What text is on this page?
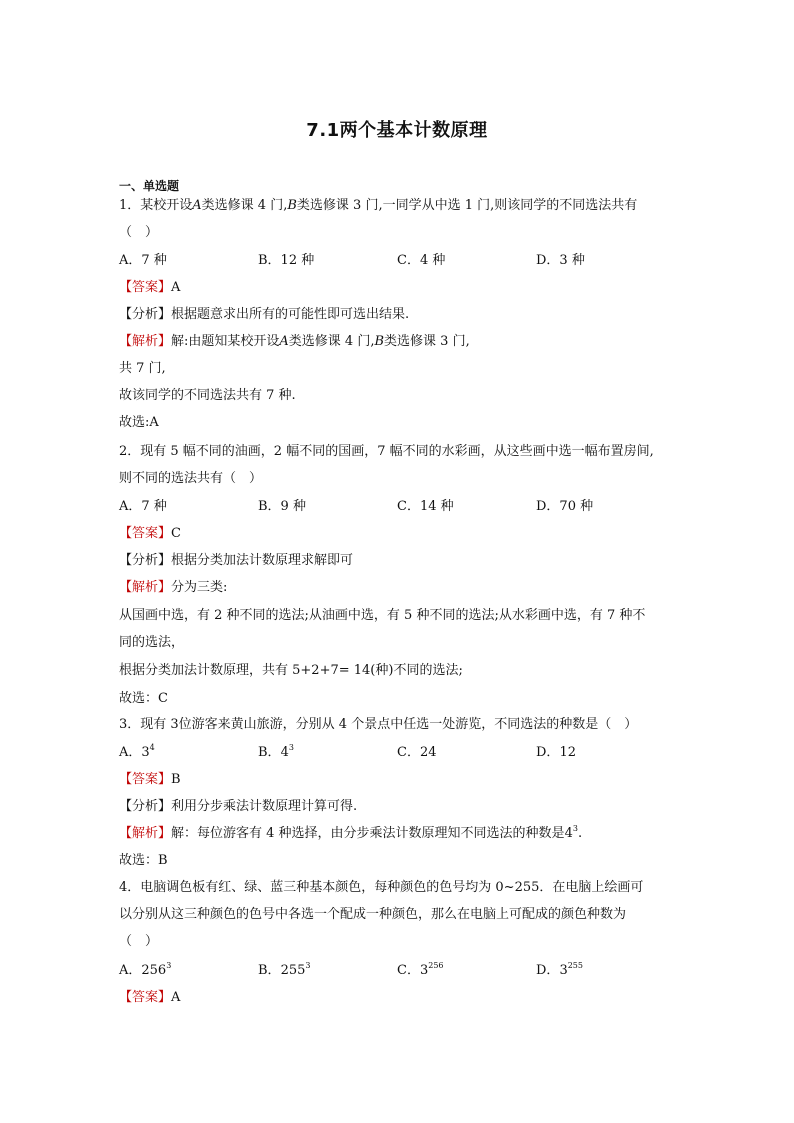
7.1两个基本计数原理
一、单选题
1．某校开设A类选修课 4 门,B类选修课 3 门,一同学从中选 1 门,则该同学的不同选法共有
（　）
A．7 种	B．12 种	C．4 种	D．3 种
【答案】A
【分析】根据题意求出所有的可能性即可选出结果.
【解析】解:由题知某校开设A类选修课 4 门,B类选修课 3 门,
共 7 门,
故该同学的不同选法共有 7 种.
故选:A
2．现有 5 幅不同的油画，2 幅不同的国画，7 幅不同的水彩画，从这些画中选一幅布置房间,
则不同的选法共有（　）
A．7 种	B．9 种	C．14 种	D．70 种
【答案】C
【分析】根据分类加法计数原理求解即可
【解析】分为三类:
从国画中选，有 2 种不同的选法;从油画中选，有 5 种不同的选法;从水彩画中选，有 7 种不
同的选法，
根据分类加法计数原理，共有 5+2+7= 14(种)不同的选法;
故选：C
3．现有 3位游客来黄山旅游，分别从 4 个景点中任选一处游览，不同选法的种数是（　）
A．$3^4$	B．$4^3$	C．24	D．12
【答案】B
【分析】利用分步乘法计数原理计算可得.
【解析】解：每位游客有 4 种选择，由分步乘法计数原理知不同选法的种数是$4^3$.
故选：B
4．电脑调色板有红、绿、蓝三种基本颜色，每种颜色的色号均为 0~255．在电脑上绘画可
以分别从这三种颜色的色号中各选一个配成一种颜色，那么在电脑上可配成的颜色种数为
（　）
A．$256^3$	B．$255^3$	C．$3^{256}$	D．$3^{255}$
【答案】A
